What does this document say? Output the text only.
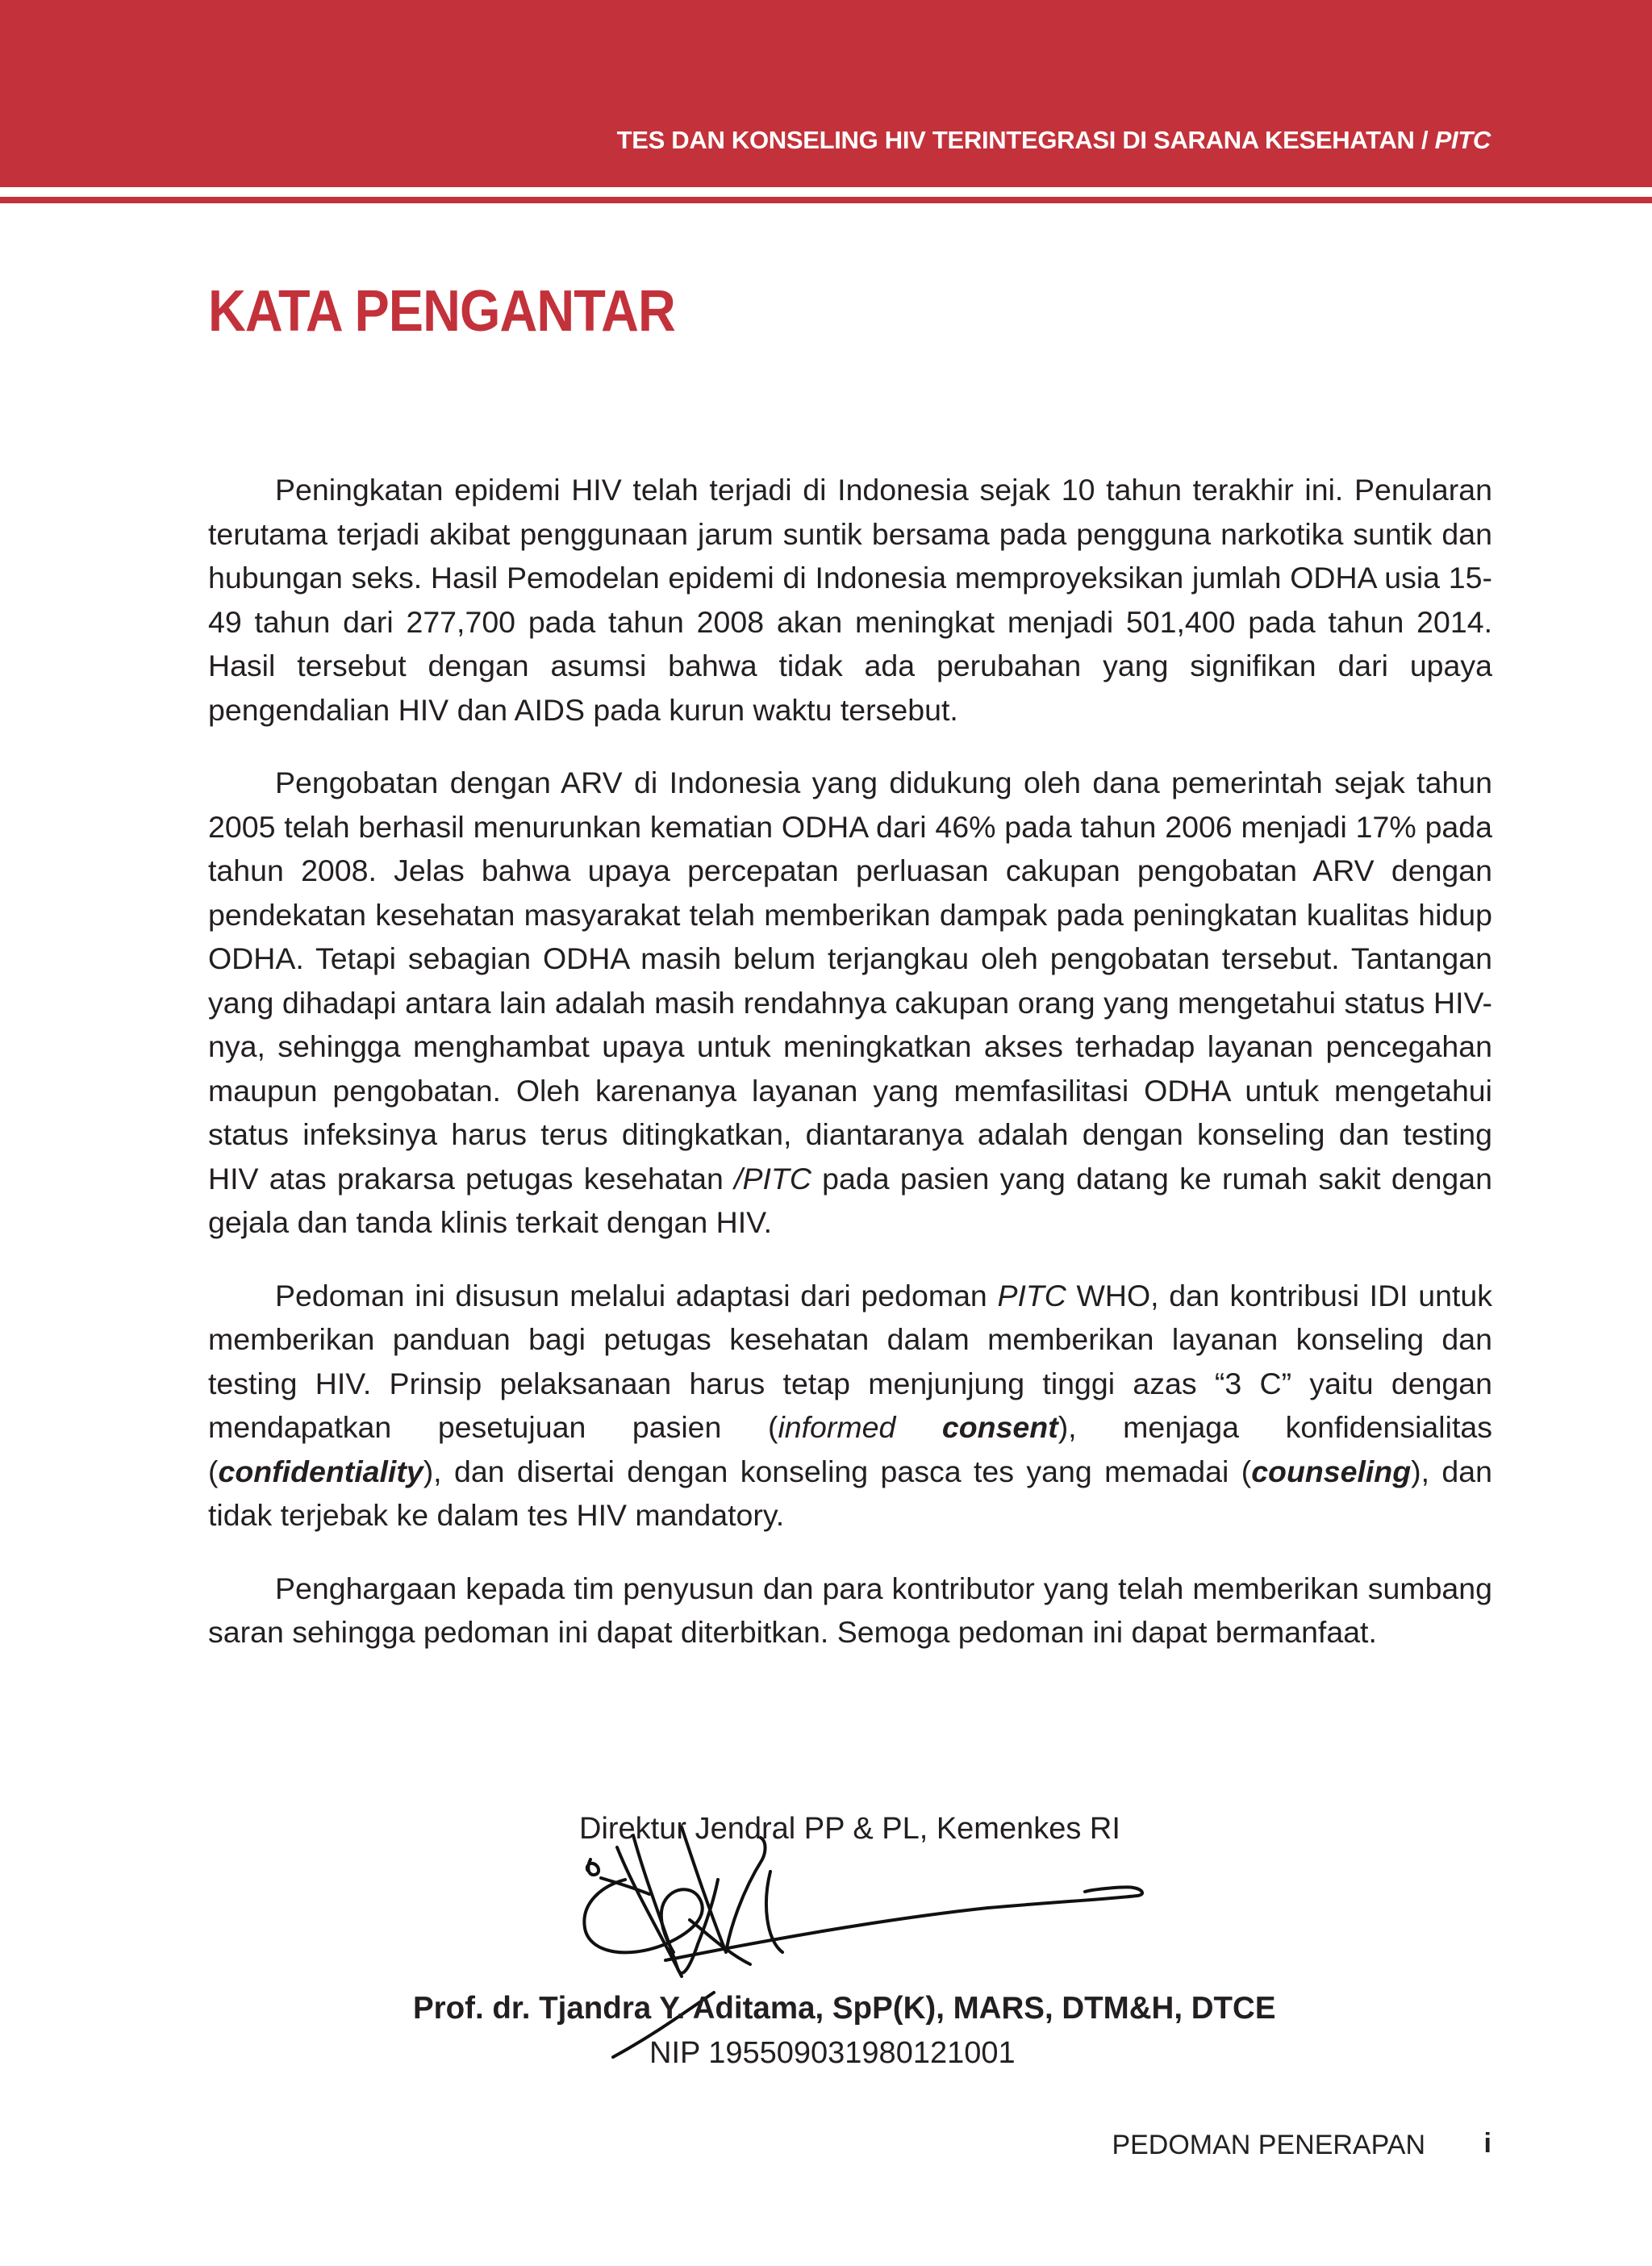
TES DAN KONSELING HIV TERINTEGRASI DI SARANA KESEHATAN / PITC
KATA PENGANTAR

Peningkatan epidemi HIV telah terjadi di Indonesia sejak 10 tahun terakhir ini. Penularan terutama terjadi akibat penggunaan jarum suntik bersama pada pengguna narkotika suntik dan hubungan seks. Hasil Pemodelan epidemi di Indonesia memproyeksikan jumlah ODHA usia 15-49 tahun dari 277,700 pada tahun 2008 akan meningkat menjadi 501,400 pada tahun 2014. Hasil tersebut dengan asumsi bahwa tidak ada perubahan yang signifikan dari upaya pengendalian HIV dan AIDS pada kurun waktu tersebut.

Pengobatan dengan ARV di Indonesia yang didukung oleh dana pemerintah sejak tahun 2005 telah berhasil menurunkan kematian ODHA dari 46% pada tahun 2006 menjadi 17% pada tahun 2008. Jelas bahwa upaya percepatan perluasan cakupan pengobatan ARV dengan pendekatan kesehatan masyarakat telah memberikan dampak pada peningkatan kualitas hidup ODHA. Tetapi sebagian ODHA masih belum terjangkau oleh pengobatan tersebut. Tantangan yang dihadapi antara lain adalah masih rendahnya cakupan orang yang mengetahui status HIV-nya, sehingga menghambat upaya untuk meningkatkan akses terhadap layanan pencegahan maupun pengobatan. Oleh karenanya layanan yang memfasilitasi ODHA untuk mengetahui status infeksinya harus terus ditingkatkan, diantaranya adalah dengan konseling dan testing HIV atas prakarsa petugas kesehatan /PITC pada pasien yang datang ke rumah sakit dengan gejala dan tanda klinis terkait dengan HIV.

Pedoman ini disusun melalui adaptasi dari pedoman PITC WHO, dan kontribusi IDI untuk memberikan panduan bagi petugas kesehatan dalam memberikan layanan konseling dan testing HIV. Prinsip pelaksanaan harus tetap menjunjung tinggi azas “3 C” yaitu dengan mendapatkan pesetujuan pasien (informed consent), menjaga konfidensialitas (confidentiality), dan disertai dengan konseling pasca tes yang memadai (counseling), dan tidak terjebak ke dalam tes HIV mandatory.

Penghargaan kepada tim penyusun dan para kontributor yang telah memberikan sumbang saran sehingga pedoman ini dapat diterbitkan. Semoga pedoman ini dapat bermanfaat.

Direktur Jendral PP & PL, Kemenkes RI
Prof. dr. Tjandra Y. Aditama, SpP(K), MARS, DTM&H, DTCE
NIP 195509031980121001
PEDOMAN PENERAPAN i
